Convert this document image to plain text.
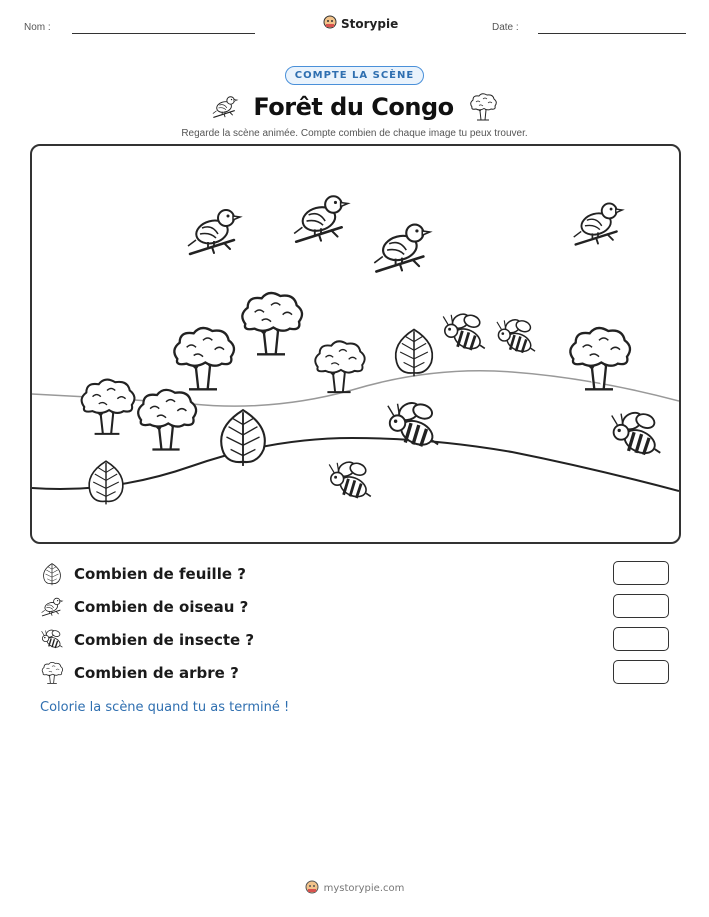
Nom :	Storypie	Date :
COMPTE LA SCÈNE
Forêt du Congo
Regarde la scène animée. Compte combien de chaque image tu peux trouver.
Combien de feuille ?
Combien de oiseau ?
Combien de insecte ?
Combien de arbre ?
Colorie la scène quand tu as terminé !
mystorypie.com
